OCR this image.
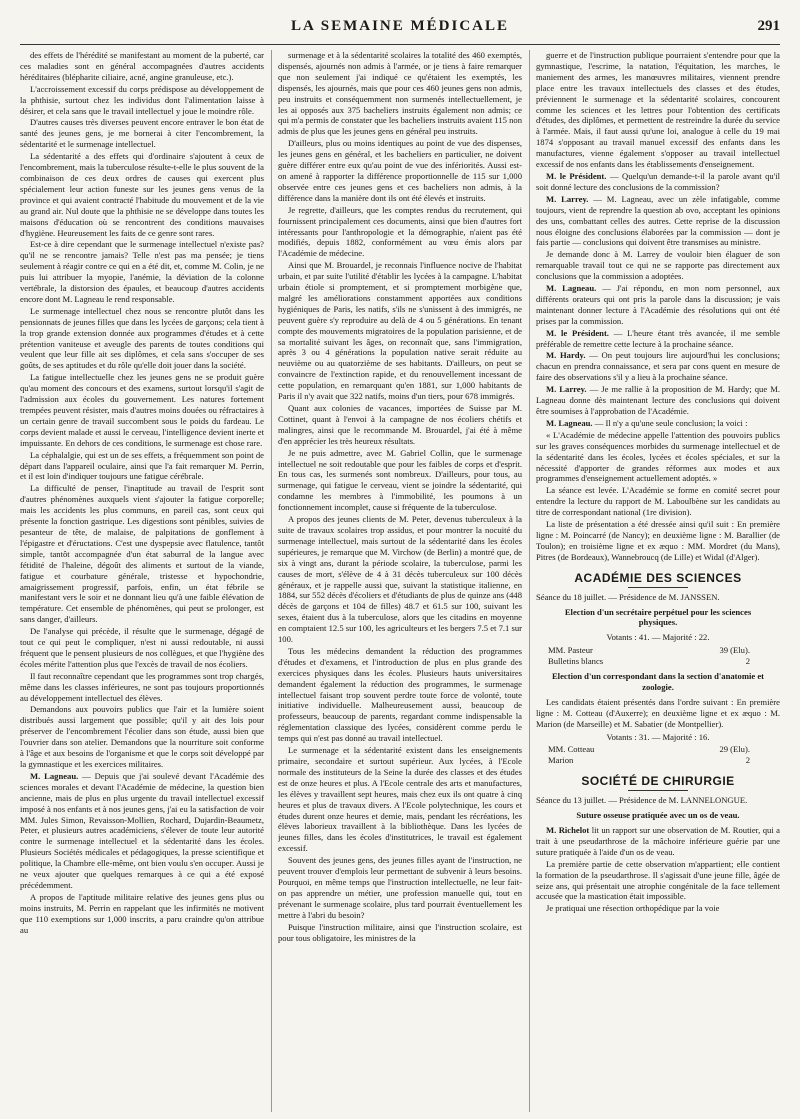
LA SEMAINE MÉDICALE	291

des effets de l'hérédité se manifestant au moment de la puberté, car ces maladies sont en général accompagnées d'autres accidents héréditaires (blépharite ciliaire, acné, angine granuleuse, etc.).

L'accroissement excessif du corps prédispose au développement de la phthisie, surtout chez les individus dont l'alimentation laisse à désirer, et cela sans que le travail intellectuel y joue le moindre rôle.

D'autres causes très diverses peuvent encore entraver le bon état de santé des jeunes gens, je me bornerai à citer l'encombrement, la sédentarité et le surmenage intellectuel.

La sédentarité a des effets qui d'ordinaire s'ajoutent à ceux de l'encombrement, mais la tuberculose résulte-t-elle le plus souvent de la combinaison de ces deux ordres de causes qui exercent plus spécialement leur action funeste sur les jeunes gens venus de la province et qui avaient contracté l'habitude du mouvement et de la vie au grand air. Nul doute que la phthisie ne se développe dans toutes les maisons d'éducation où se rencontrent des conditions mauvaises d'hygiène. Heureusement les faits de ce genre sont rares.

Est-ce à dire cependant que le surmenage intellectuel n'existe pas? qu'il ne se rencontre jamais? Telle n'est pas ma pensée; je tiens seulement à réagir contre ce qui en a été dit, et, comme M. Colin, je ne puis lui attribuer la myopie, l'anémie, la déviation de la colonne vertébrale, la distorsion des épaules, et beaucoup d'autres accidents encore dont M. Lagneau le rend responsable.

Le surmenage intellectuel chez nous se rencontre plutôt dans les pensionnats de jeunes filles que dans les lycées de garçons; cela tient à la trop grande extension donnée aux programmes d'études et à cette prétention vaniteuse et aveugle des parents de toutes conditions qui veulent que leur fille ait ses diplômes, et cela sans s'occuper de ses goûts, de ses aptitudes et du rôle qu'elle doit jouer dans la société.

La fatigue intellectuelle chez les jeunes gens ne se produit guère qu'au moment des concours et des examens, surtout lorsqu'il s'agit de l'admission aux écoles du gouvernement. Les natures fortement trempées peuvent résister, mais d'autres moins douées ou réfractaires à un certain genre de travail succombent sous le poids du fardeau. Le corps devient malade et aussi le cerveau, l'intelligence devient inerte et impuissante. En dehors de ces conditions, le surmenage est chose rare.

La céphalalgie, qui est un de ses effets, a fréquemment son point de départ dans l'appareil oculaire, ainsi que l'a fait remarquer M. Perrin, et il est loin d'indiquer toujours une fatigue cérébrale.

La difficulté de penser, l'inaptitude au travail de l'esprit sont d'autres phénomènes auxquels vient s'ajouter la fatigue corporelle; mais les accidents les plus communs, en pareil cas, sont ceux qui présente la fonction gastrique. Les digestions sont pénibles, suivies de pesanteur de tête, de malaise, de palpitations de gonflement à l'épigastre et d'éructations. C'est une dyspepsie avec flatulence, tantôt simple, tantôt accompagnée d'un état saburral de la langue avec fétidité de l'haleine, dégoût des aliments et surtout de la viande, fatigue et courbature générale, tristesse et hypochondrie, amaigrissement progressif, parfois, enfin, un état fébrile se manifestant vers le soir et ne donnant lieu qu'à une faible élévation de température. Cet ensemble de phénomènes, qui peut se prolonger, est sans danger, d'ailleurs.

De l'analyse qui précède, il résulte que le surmenage, dégagé de tout ce qui peut le compliquer, n'est ni aussi redoutable, ni aussi fréquent que le pensent plusieurs de nos collègues, et que l'hygiène des écoles mérite l'attention plus que l'excès de travail de nos écoliers.

Il faut reconnaître cependant que les programmes sont trop chargés, même dans les classes inférieures, ne sont pas toujours proportionnés au développement intellectuel des élèves.

Demandons aux pouvoirs publics que l'air et la lumière soient distribués aussi largement que possible; qu'il y ait des lois pour préserver de l'encombrement l'écolier dans son étude, aussi bien que l'ouvrier dans son atelier. Demandons que la nourriture soit conforme à l'âge et aux besoins de l'organisme et que le corps soit développé par la gymnastique et les exercices militaires.

M. Lagneau. — Depuis que j'ai soulevé devant l'Académie des sciences morales et devant l'Académie de médecine, la question bien ancienne, mais de plus en plus urgente du travail intellectuel excessif imposé à nos enfants et à nos jeunes gens, j'ai eu la satisfaction de voir MM. Jules Simon, Revaisson-Mollien, Rochard, Dujardin-Beaumetz, Peter, et plusieurs autres académiciens, s'élever de toute leur autorité contre le surmenage intellectuel et la sédentarité dans les écoles. Plusieurs Sociétés médicales et pédagogiques, la presse scientifique et politique, la Chambre elle-même, ont bien voulu s'en occuper. Aussi je ne veux ajouter que quelques remarques à ce qui a été exposé précédemment.

A propos de l'aptitude militaire relative des jeunes gens plus ou moins instruits, M. Perrin en rappelant que les infirmités ne motivent que 110 exemptions sur 1,000 inscrits, a paru craindre qu'on attribue au

surmenage et à la sédentarité scolaires la totalité des 460 exemptés, dispensés, ajournés non admis à l'armée, or je tiens à faire remarquer que non seulement j'ai indiqué ce qu'étaient les exemptés, les dispensés, les ajournés, mais que pour ces 460 jeunes gens non admis, peu instruits et conséquemment non surmenés intellectuellement, je les ai opposés aux 375 bacheliers instruits également non admis; ce qui m'a permis de constater que les bacheliers instruits avaient 115 non admis de plus que les jeunes gens en général peu instruits.

D'ailleurs, plus ou moins identiques au point de vue des dispenses, les jeunes gens en général, et les bacheliers en particulier, ne doivent guère différer entre eux qu'au point de vue des infériorités. Aussi est-on amené à rapporter la différence proportionnelle de 115 sur 1,000 observée entre ces jeunes gens et ces bacheliers non admis, à la différence dans la manière dont ils ont été élevés et instruits.

Je regrette, d'ailleurs, que les comptes rendus du recrutement, qui fournissent principalement ces documents, ainsi que bien d'autres fort intéressants pour l'anthropologie et la démographie, n'aient pas été modifiés, depuis 1882, conformément au vœu émis alors par l'Académie de médecine.

Ainsi que M. Brouardel, je reconnais l'influence nocive de l'habitat urbain, et par suite l'utilité d'établir les lycées à la campagne. L'habitat urbain étiole si promptement, et si promptement morbigène que, malgré les améliorations constamment apportées aux conditions hygiéniques de Paris, les natifs, s'ils ne s'unissent à des immigrés, ne peuvent guère s'y reproduire au delà de 4 ou 5 générations. En tenant compte des mouvements migratoires de la population parisienne, et de sa mortalité suivant les âges, on reconnaît que, sans l'immigration, après 3 ou 4 générations la population native serait réduite au neuvième ou au quatorzième de ses habitants. D'ailleurs, on peut se convaincre de l'extinction rapide, et du renouvellement incessant de cette population, en remarquant qu'en 1881, sur 1,000 habitants de Paris il n'y avait que 322 natifs, moins d'un tiers, pour 678 immigrés.

Quant aux colonies de vacances, importées de Suisse par M. Cottinet, quant à l'envoi à la campagne de nos écoliers chétifs et malingres, ainsi que le recommande M. Brouardel, j'ai été à même d'en apprécier les très heureux résultats.

Je ne puis admettre, avec M. Gabriel Collin, que le surmenage intellectuel ne soit redoutable que pour les faibles de corps et d'esprit. En tous cas, les surmenés sont nombreux. D'ailleurs, pour tous, au surmenage, qui fatigue le cerveau, vient se joindre la sédentarité, qui condamne les membres à l'immobilité, les poumons à un fonctionnement incomplet, cause si fréquente de la tuberculose.

A propos des jeunes clients de M. Peter, devenus tuberculeux à la suite de travaux scolaires trop assidus, et pour montrer la nocuité du surmenage intellectuel, mais surtout de la sédentarité dans les écoles supérieures, je remarque que M. Virchow (de Berlin) a montré que, de six à vingt ans, durant la période scolaire, la tuberculose, parmi les causes de mort, s'élève de 4 à 31 décès tuberculeux sur 100 décès généraux, et je rappelle aussi que, suivant la statistique italienne, en 1884, sur 552 décès d'écoliers et d'étudiants de plus de quinze ans (448 décès de garçons et 104 de filles) 48.7 et 61.5 sur 100, suivant les sexes, étaient dus à la tuberculose, alors que les citadins en moyenne en comptaient 12.5 sur 100, les agriculteurs et les bergers 7.5 et 7.1 sur 100.

Tous les médecins demandent la réduction des programmes d'études et d'examens, et l'introduction de plus en plus grande des exercices physiques dans les écoles. Plusieurs hauts universitaires demandent également la réduction des programmes, le surmenage intellectuel faisant trop souvent perdre toute force de volonté, toute initiative individuelle. Malheureusement aussi, beaucoup de professeurs, beaucoup de parents, regardant comme indispensable la réglementation classique des lycées, considèrent comme perdu le temps qui n'est pas donné au travail intellectuel.

Le surmenage et la sédentarité existent dans les enseignements primaire, secondaire et surtout supérieur. Aux lycées, à l'Ecole normale des instituteurs de la Seine la durée des classes et des études est de onze heures et plus. A l'Ecole centrale des arts et manufactures, les élèves y travaillent sept heures, mais chez eux ils ont quatre à cinq heures et plus de travaux divers. A l'Ecole polytechnique, les cours et études durent onze heures et demie, mais, pendant les récréations, les élèves laborieux travaillent à la bibliothèque. Dans les lycées de jeunes filles, dans les écoles d'institutrices, le travail est également excessif.

Souvent des jeunes gens, des jeunes filles ayant de l'instruction, ne peuvent trouver d'emplois leur permettant de subvenir à leurs besoins. Pourquoi, en même temps que l'instruction intellectuelle, ne leur fait-on pas apprendre un métier, une profession manuelle qui, tout en prévenant le surmenage scolaire, plus tard pourrait éventuellement les mettre à l'abri du besoin?

Puisque l'instruction militaire, ainsi que l'instruction scolaire, est pour tous obligatoire, les ministres de la

guerre et de l'instruction publique pourraient s'entendre pour que la gymnastique, l'escrime, la natation, l'équitation, les marches, le maniement des armes, les manœuvres militaires, viennent prendre place entre les travaux intellectuels des classes et des études, préviennent le surmenage et la sédentarité scolaires, concourent comme les sciences et les lettres pour l'obtention des certificats d'études, des diplômes, et permettent de restreindre la durée du service à l'armée. Mais, il faut aussi qu'une loi, analogue à celle du 19 mai 1874 s'opposant au travail manuel excessif des enfants dans les manufactures, vienne également s'opposer au travail intellectuel excessif de nos enfants dans les établissements d'enseignement.

M. le Président. — Quelqu'un demande-t-il la parole avant qu'il soit donné lecture des conclusions de la commission?

M. Larrey. — M. Lagneau, avec un zèle infatigable, comme toujours, vient de reprendre la question ab ovo, acceptant les opinions des uns, combattant celles des autres. Cette reprise de la discussion nous éloigne des conclusions élaborées par la commission — dont je fais partie — conclusions qui doivent être transmises au ministre.

Je demande donc à M. Larrey de vouloir bien élaguer de son remarquable travail tout ce qui ne se rapporte pas directement aux conclusions que la commission a adoptées.

M. Lagneau. — J'ai répondu, en mon nom personnel, aux différents orateurs qui ont pris la parole dans la discussion; je vais maintenant donner lecture à l'Académie des résolutions qui ont été prises par la commission.

M. le Président. — L'heure étant très avancée, il me semble préférable de remettre cette lecture à la prochaine séance.

M. Hardy. — On peut toujours lire aujourd'hui les conclusions; chacun en prendra connaissance, et sera par cons quent en mesure de faire des observations s'il y a lieu à la prochaine séance.

M. Larrey. — Je me rallie à la proposition de M. Hardy; que M. Lagneau donne dès maintenant lecture des conclusions qui doivent être soumises à l'approbation de l'Académie.

M. Lagneau. — Il n'y a qu'une seule conclusion; la voici :

« L'Académie de médecine appelle l'attention des pouvoirs publics sur les graves conséquences morbides du surmenage intellectuel et de la sédentarité dans les écoles, lycées et écoles spéciales, et sur la nécessité d'apporter de grandes réformes aux modes et aux programmes d'enseignement actuellement adoptés. »

La séance est levée. L'Académie se forme en comité secret pour entendre la lecture du rapport de M. Laboulbène sur les candidats au titre de correspondant national (1re division).

La liste de présentation a été dressée ainsi qu'il suit : En première ligne : M. Poincarré (de Nancy); en deuxième ligne : M. Barallier (de Toulon); en troisième ligne et ex æquo : MM. Mordret (du Mans), Pitres (de Bordeaux), Wannebroucq (de Lille) et Widal (d'Alger).

ACADÉMIE DES SCIENCES

Séance du 18 juillet. — Présidence de M. JANSSEN.

Election d'un secrétaire perpétuel pour les sciences physiques.

Votants : 41. — Majorité : 22.

MM. Pasteur	39 (Elu).
Bulletins blancs	2

Election d'un correspondant dans la section d'anatomie et zoologie.

Les candidats étaient présentés dans l'ordre suivant : En première ligne : M. Cotteau (d'Auxerre); en deuxième ligne et ex æquo : M. Marion (de Marseille) et M. Sabatier (de Montpellier).

Votants : 31. — Majorité : 16.

MM. Cotteau	29 (Elu).
Marion	2
SOCIÉTÉ DE CHIRURGIE

Séance du 13 juillet. — Présidence de M. LANNELONGUE.

Suture osseuse pratiquée avec un os de veau.

M. Richelot lit un rapport sur une observation de M. Routier, qui a trait à une pseudarthrose de la mâchoire inférieure guérie par une suture pratiquée à l'aide d'un os de veau.

La première partie de cette observation m'appartient; elle contient la formation de la pseudarthrose. Il s'agissait d'une jeune fille, âgée de seize ans, qui présentait une atrophie congénitale de la face tellement accusée que la mastication était impossible.

Je pratiquai une résection orthopédique par la voie
